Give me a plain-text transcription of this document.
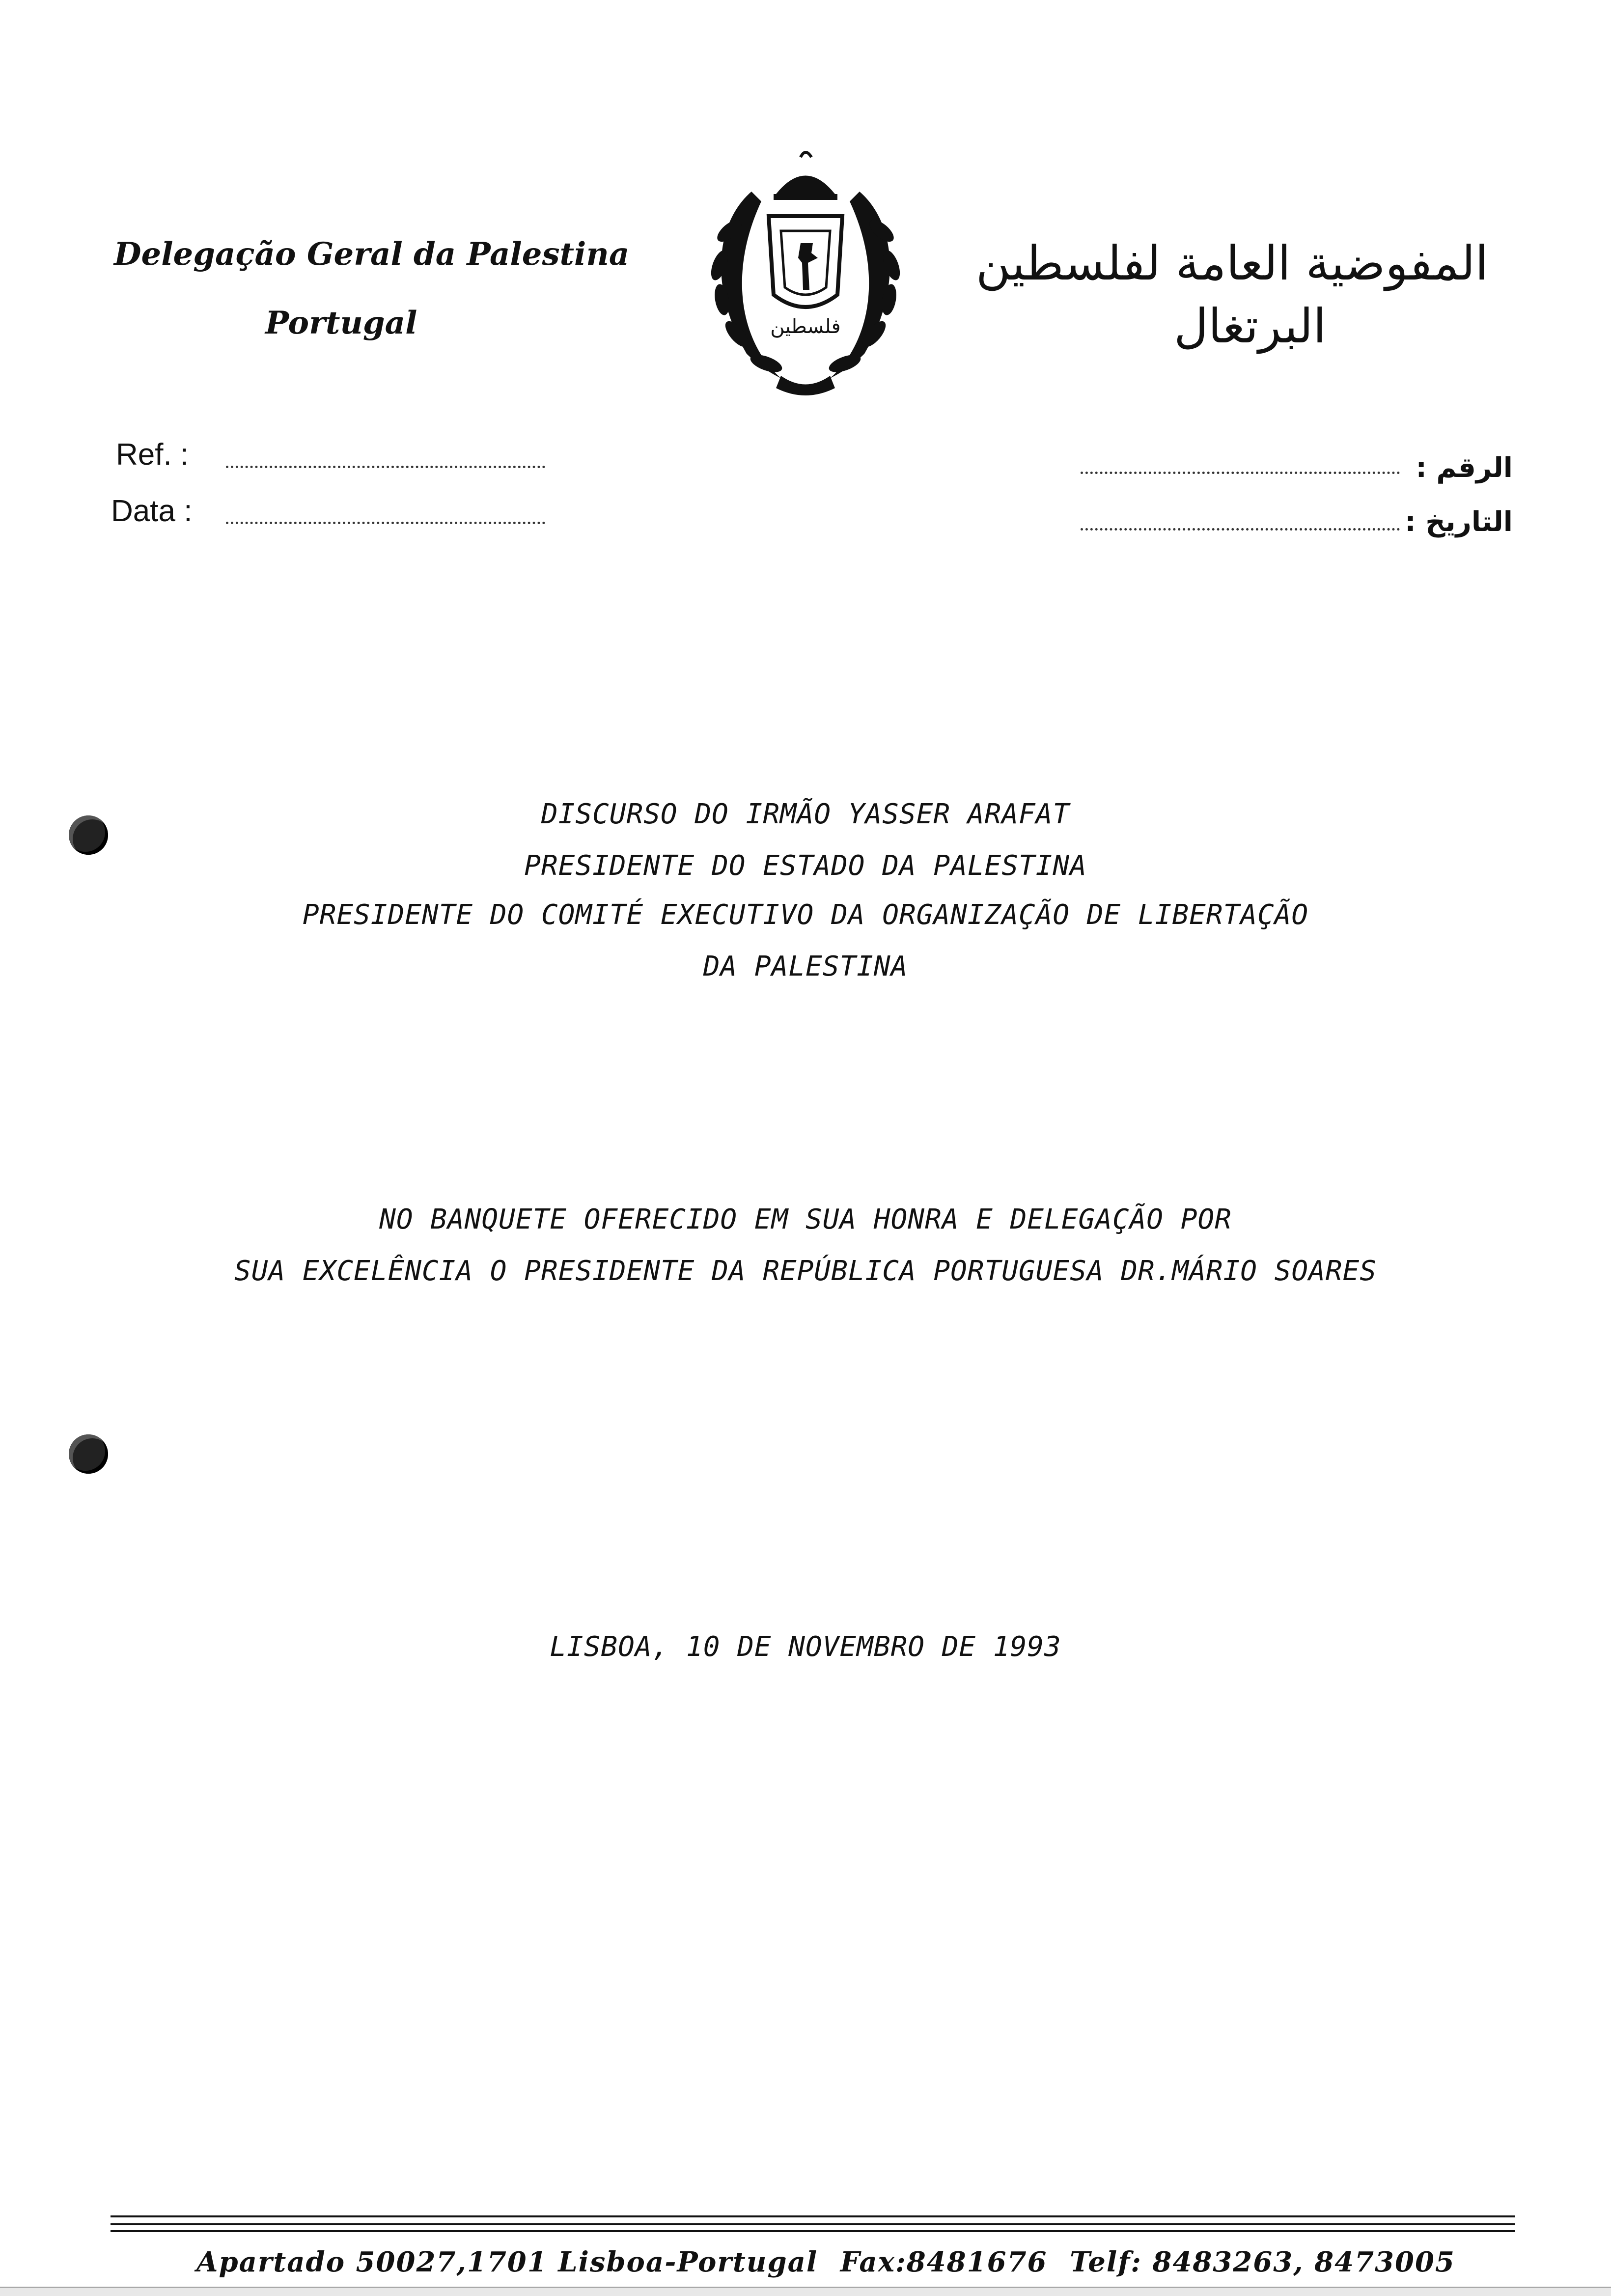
Delegação Geral da Palestina
Portugal
المفوضية العامة لفلسطين
البرتغال
فلسطين
Ref. :
Data :
الرقم :
التاريخ :
DISCURSO DO IRMÃO YASSER ARAFAT
PRESIDENTE DO ESTADO DA PALESTINA
PRESIDENTE DO COMITÉ EXECUTIVO DA ORGANIZAÇÃO DE LIBERTAÇÃO
DA PALESTINA
NO BANQUETE OFERECIDO EM SUA HONRA E DELEGAÇÃO POR
SUA EXCELÊNCIA O PRESIDENTE DA REPÚBLICA PORTUGUESA DR.MÁRIO SOARES
LISBOA, 10 DE NOVEMBRO DE 1993
Apartado 50027,1701 Lisboa-Portugal Fax:8481676 Telf: 8483263, 8473005
